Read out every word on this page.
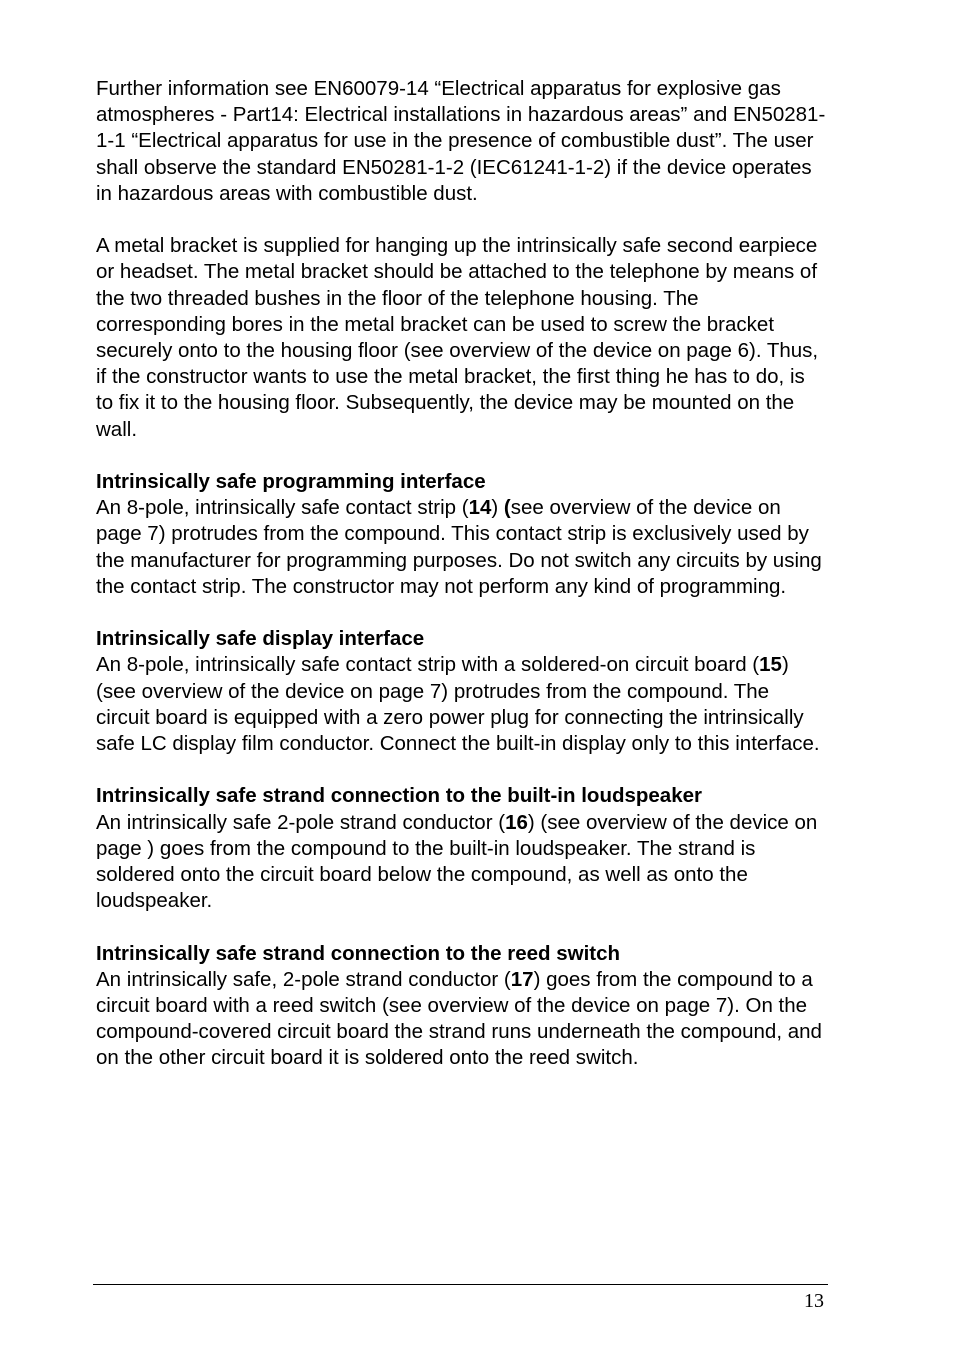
Further information see EN60079-14 “Electrical apparatus for explosive gas atmospheres - Part14: Electrical installations in hazardous areas” and EN50281-1-1 “Electrical apparatus for use in the presence of combustible dust”. The user shall observe the standard EN50281-1-2 (IEC61241-1-2) if the device operates in hazardous areas with combustible dust.

A metal bracket is supplied for hanging up the intrinsically safe second earpiece or headset. The metal bracket should be attached to the telephone by means of the two threaded bushes in the floor of the telephone housing. The corresponding bores in the metal bracket can be used to screw the bracket securely onto to the housing floor (see overview of the device on page 6). Thus, if the constructor wants to use the metal bracket, the first thing he has to do, is to fix it to the housing floor. Subsequently, the device may be mounted on the wall.

Intrinsically safe programming interface

An 8-pole, intrinsically safe contact strip (14) (see overview of the device on page 7) protrudes from the compound. This contact strip is exclusively used by the manufacturer for programming purposes. Do not switch any circuits by using the contact strip. The constructor may not perform any kind of programming.

Intrinsically safe display interface

An 8-pole, intrinsically safe contact strip with a soldered-on circuit board (15) (see overview of the device on page 7) protrudes from the compound. The circuit board is equipped with a zero power plug for connecting the intrinsically safe LC display film conductor. Connect the built-in display only to this interface.

Intrinsically safe strand connection to the built-in loudspeaker

An intrinsically safe 2-pole strand conductor (16) (see overview of the device on page ) goes from the compound to the built-in loudspeaker. The strand is soldered onto the circuit board below the compound, as well as onto the loudspeaker.

Intrinsically safe strand connection to the reed switch

An intrinsically safe, 2-pole strand conductor (17) goes from the compound to a circuit board with a reed switch (see overview of the device on page 7). On the compound-covered circuit board the strand runs underneath the compound, and on the other circuit board it is soldered onto the reed switch.

13
